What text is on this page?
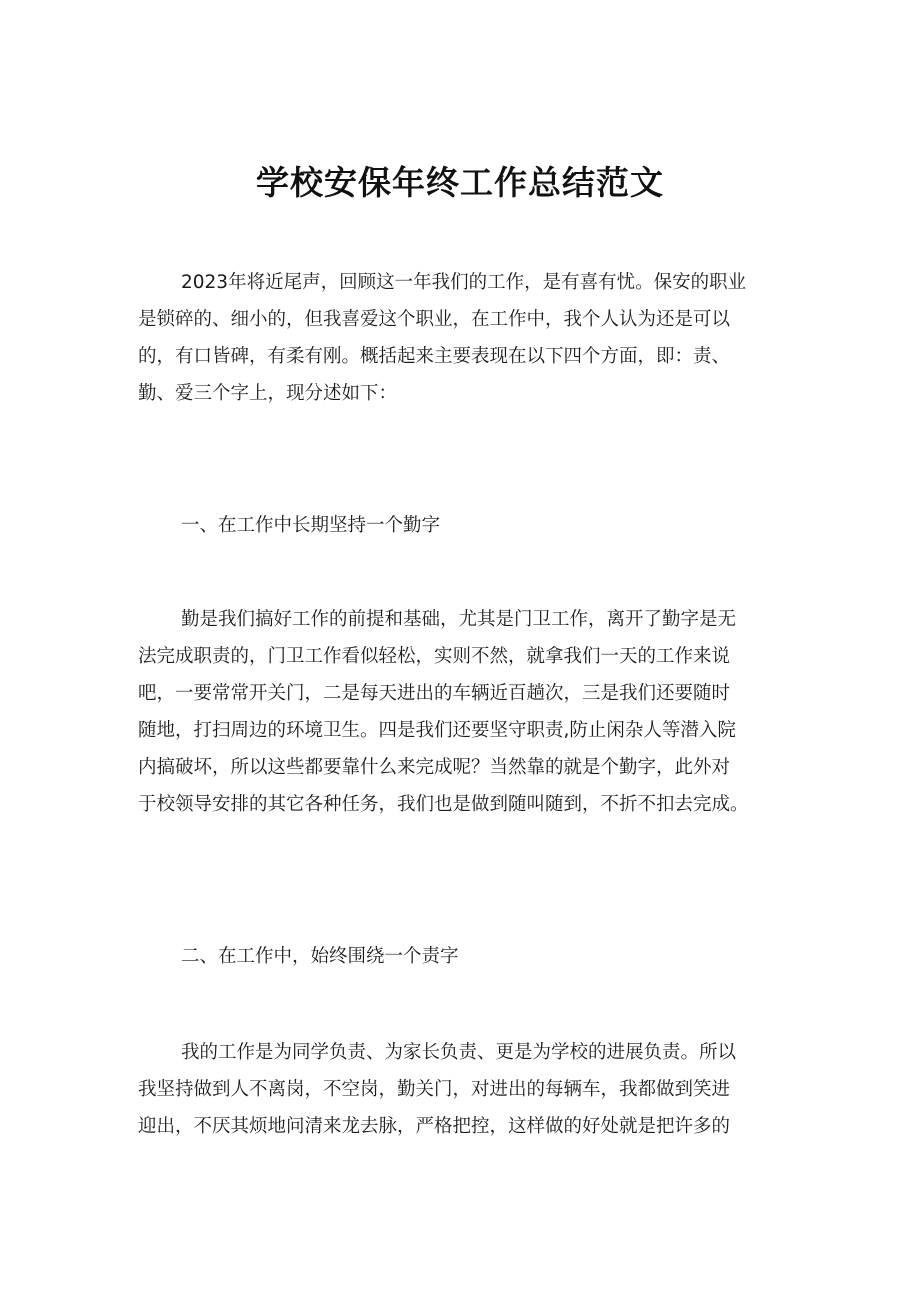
学校安保年终工作总结范文

2023年将近尾声，回顾这一年我们的工作，是有喜有忧。保安的职业
是锁碎的、细小的，但我喜爱这个职业，在工作中，我个人认为还是可以
的，有口皆碑，有柔有刚。概括起来主要表现在以下四个方面，即：责、
勤、爱三个字上，现分述如下：

一、在工作中长期坚持一个勤字

勤是我们搞好工作的前提和基础，尤其是门卫工作，离开了勤字是无
法完成职责的，门卫工作看似轻松，实则不然，就拿我们一天的工作来说
吧，一要常常开关门，二是每天进出的车辆近百趟次，三是我们还要随时
随地，打扫周边的环境卫生。四是我们还要坚守职责,防止闲杂人等潜入院
内搞破坏，所以这些都要靠什么来完成呢？当然靠的就是个勤字，此外对
于校领导安排的其它各种任务，我们也是做到随叫随到，不折不扣去完成。

二、在工作中，始终围绕一个责字

我的工作是为同学负责、为家长负责、更是为学校的进展负责。所以
我坚持做到人不离岗，不空岗，勤关门，对进出的每辆车，我都做到笑进
迎出，不厌其烦地问清来龙去脉，严格把控，这样做的好处就是把许多的
